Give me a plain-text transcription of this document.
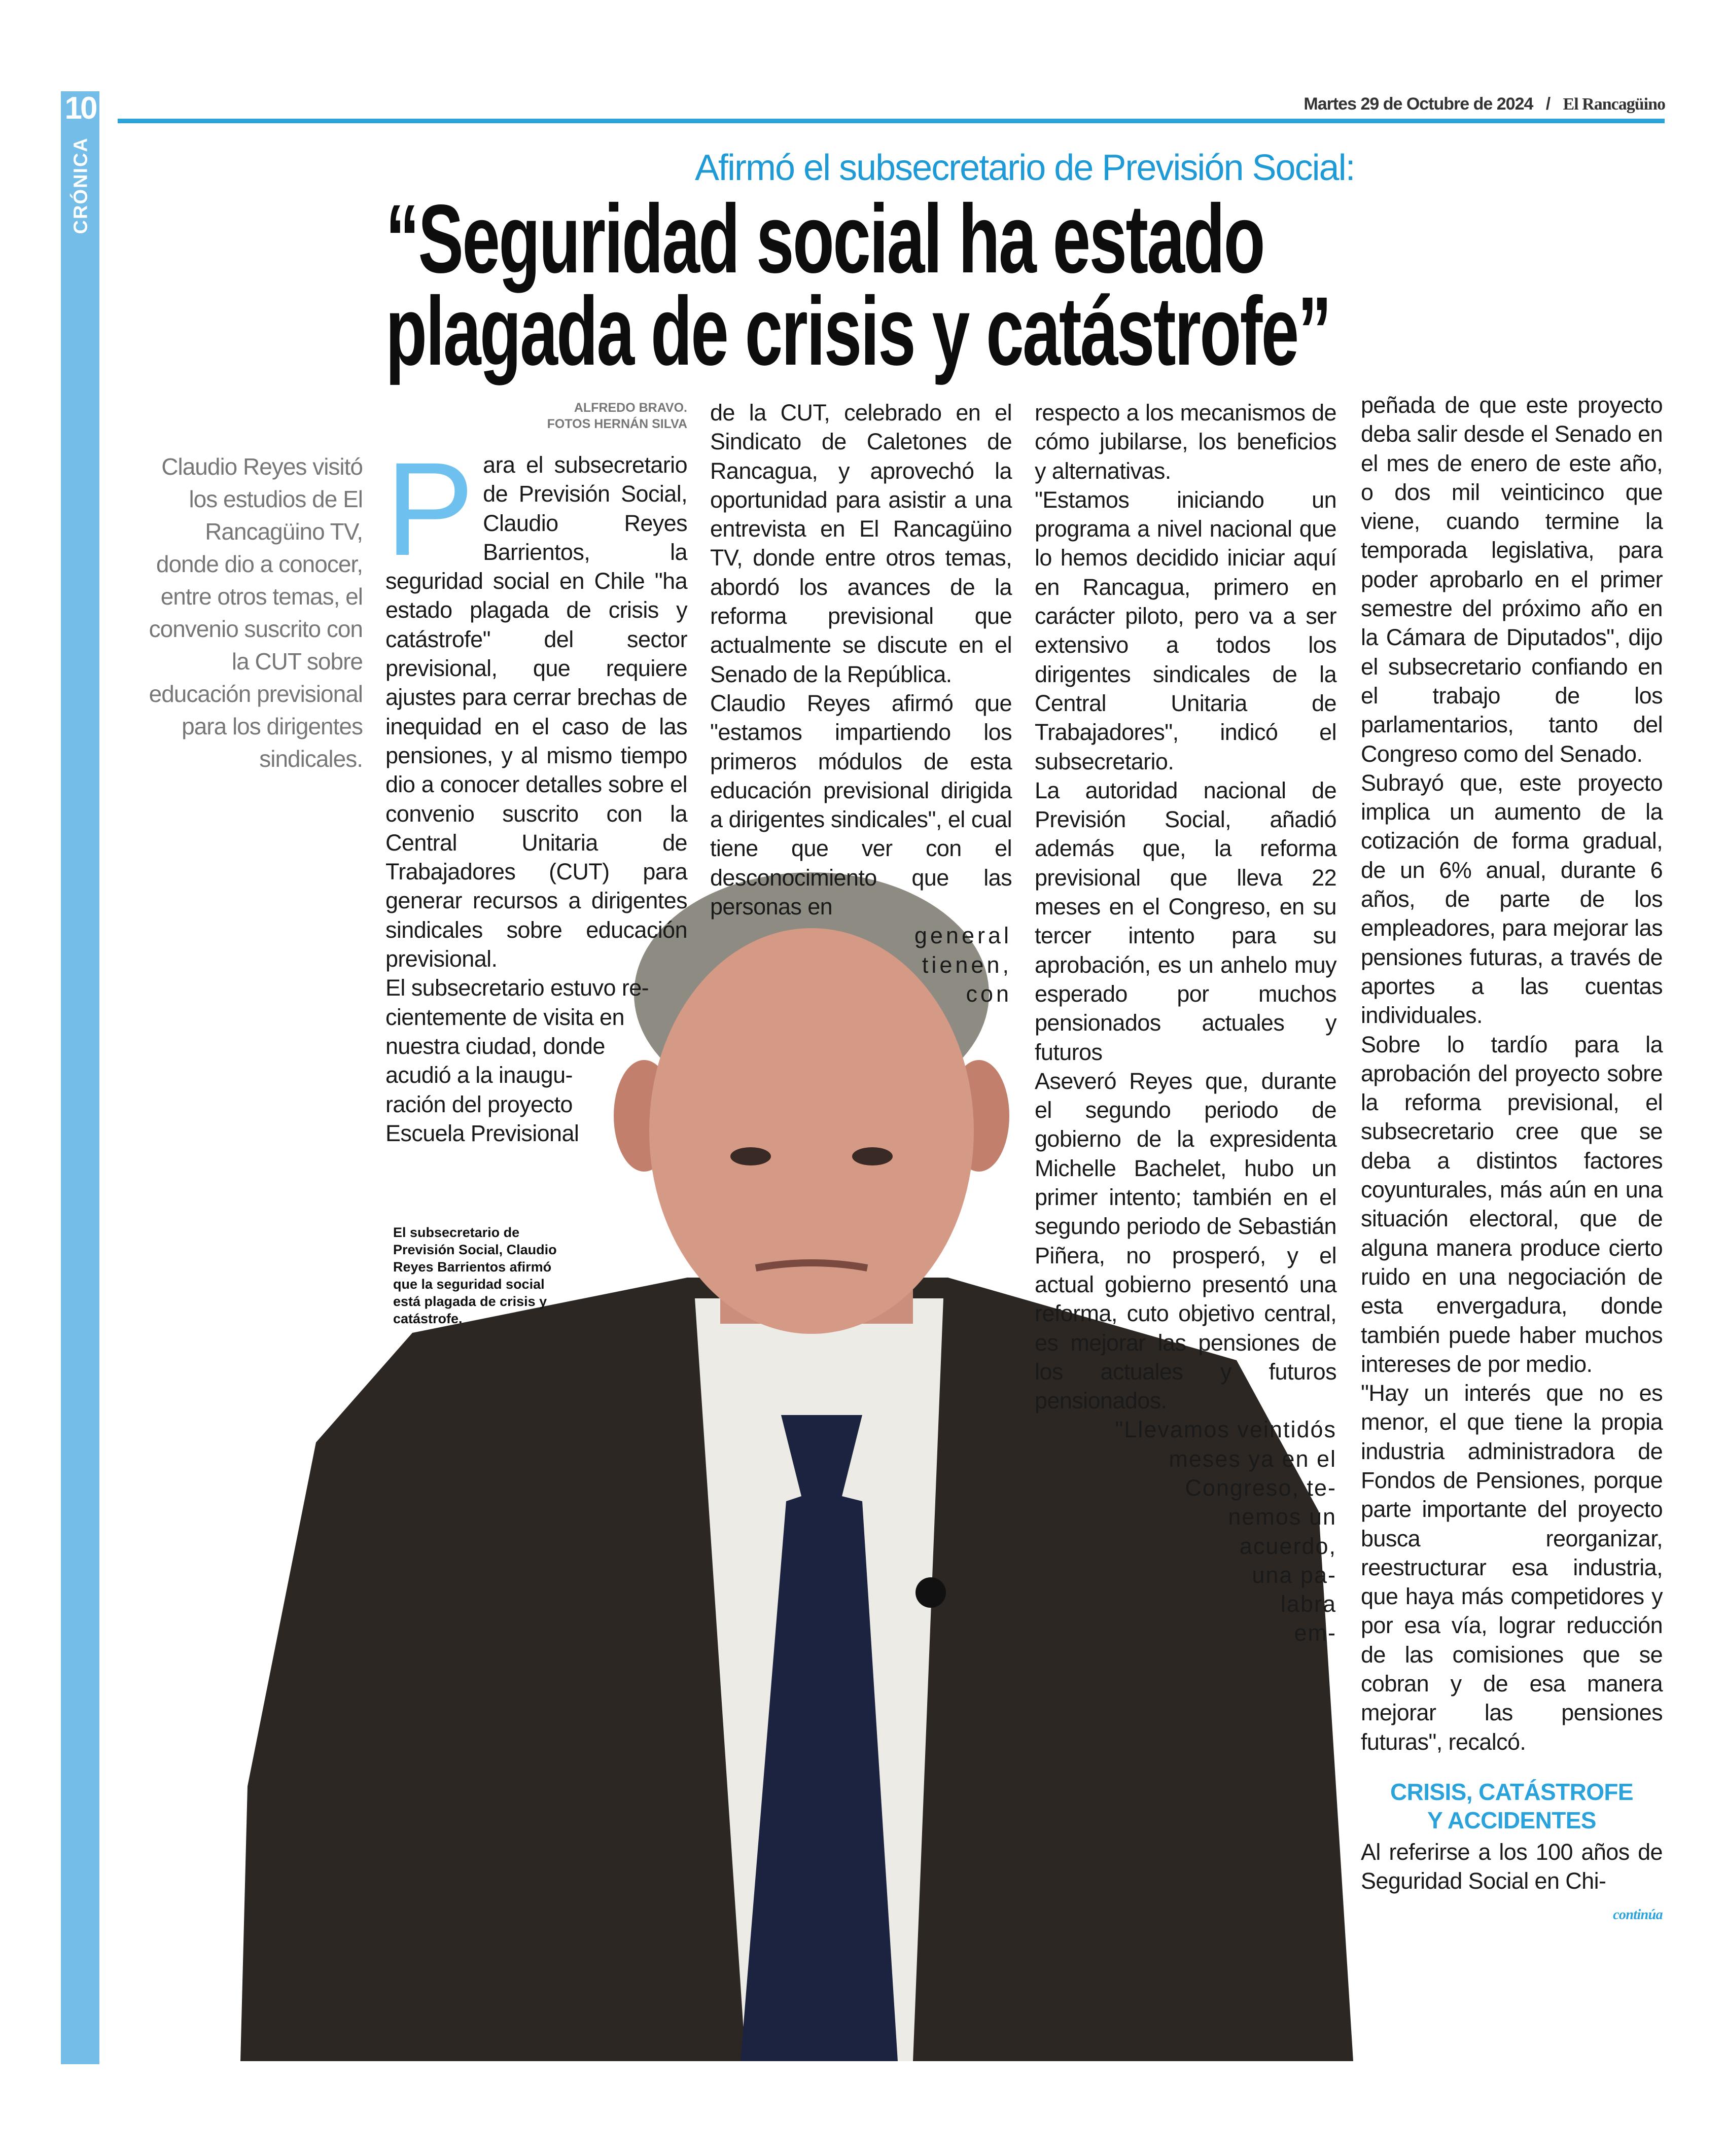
10
CRÓNICA
Martes 29 de Octubre de 2024 / El Rancagüino
Afirmó el subsecretario de Previsión Social:
“Seguridad social ha estado
plagada de crisis y catástrofe”
ALFREDO BRAVO.
FOTOS HERNÁN SILVA
Claudio Reyes visitó los estudios de El Rancagüino TV, donde dio a conocer, entre otros temas, el convenio suscrito con la CUT sobre educación previsional para los dirigentes sindicales.

Para el subsecretario de Previsión Social, Claudio Reyes Barrientos, la seguridad social en Chile "ha estado plagada de crisis y catástrofe" del sector previsional, que requiere ajustes para cerrar brechas de inequidad en el caso de las pensiones, y al mismo tiempo dio a conocer detalles sobre el convenio suscrito con la Central Unitaria de Trabajadores (CUT) para generar recursos a dirigentes sindicales sobre educación previsional.

El subsecretario estuvo re-
cientemente de visita en
nuestra ciudad, donde
acudió a la inaugu-
ración del proyecto
Escuela Previsional
El subsecretario de Previsión Social, Claudio Reyes Barrientos afirmó que la seguridad social está plagada de crisis y catástrofe.

de la CUT, celebrado en el Sindicato de Caletones de Rancagua, y aprovechó la oportunidad para asistir a una entrevista en El Rancagüino TV, donde entre otros temas, abordó los avances de la reforma previsional que actualmente se discute en el Senado de la República.

Claudio Reyes afirmó que "estamos impartiendo los primeros módulos de esta educación previsional dirigida a dirigentes sindicales", el cual tiene que ver con el desconocimiento que las personas en

general
tienen,
con

respecto a los mecanismos de cómo jubilarse, los beneficios y alternativas.

"Estamos iniciando un programa a nivel nacional que lo hemos decidido iniciar aquí en Rancagua, primero en carácter piloto, pero va a ser extensivo a todos los dirigentes sindicales de la Central Unitaria de Trabajadores", indicó el subsecretario.

La autoridad nacional de Previsión Social, añadió además que, la reforma previsional que lleva 22 meses en el Congreso, en su tercer intento para su aprobación, es un anhelo muy esperado por muchos pensionados actuales y futuros

Aseveró Reyes que, durante el segundo periodo de gobierno de la expresidenta Michelle Bachelet, hubo un primer intento; también en el segundo periodo de Sebastián Piñera, no prosperó, y el actual gobierno presentó una reforma, cuto objetivo central, es mejorar las pensiones de los actuales y futuros pensionados.

"Llevamos veintidós
meses ya en el
Congreso, te-
nemos un
acuerdo,
una pa-
labra
em-

peñada de que este proyecto deba salir desde el Senado en el mes de enero de este año, o dos mil veinticinco que viene, cuando termine la temporada legislativa, para poder aprobarlo en el primer semestre del próximo año en la Cámara de Diputados", dijo el subsecretario confiando en el trabajo de los parlamentarios, tanto del Congreso como del Senado.

Subrayó que, este proyecto implica un aumento de la cotización de forma gradual, de un 6% anual, durante 6 años, de parte de los empleadores, para mejorar las pensiones futuras, a través de aportes a las cuentas individuales.

Sobre lo tardío para la aprobación del proyecto sobre la reforma previsional, el subsecretario cree que se deba a distintos factores coyunturales, más aún en una situación electoral, que de alguna manera produce cierto ruido en una negociación de esta envergadura, donde también puede haber muchos intereses de por medio.

"Hay un interés que no es menor, el que tiene la propia industria administradora de Fondos de Pensiones, porque parte importante del proyecto busca reorganizar, reestructurar esa industria, que haya más competidores y por esa vía, lograr reducción de las comisiones que se cobran y de esa manera mejorar las pensiones futuras", recalcó.

CRISIS, CATÁSTROFE
Y ACCIDENTES

Al referirse a los 100 años de Seguridad Social en Chi-

continúa
